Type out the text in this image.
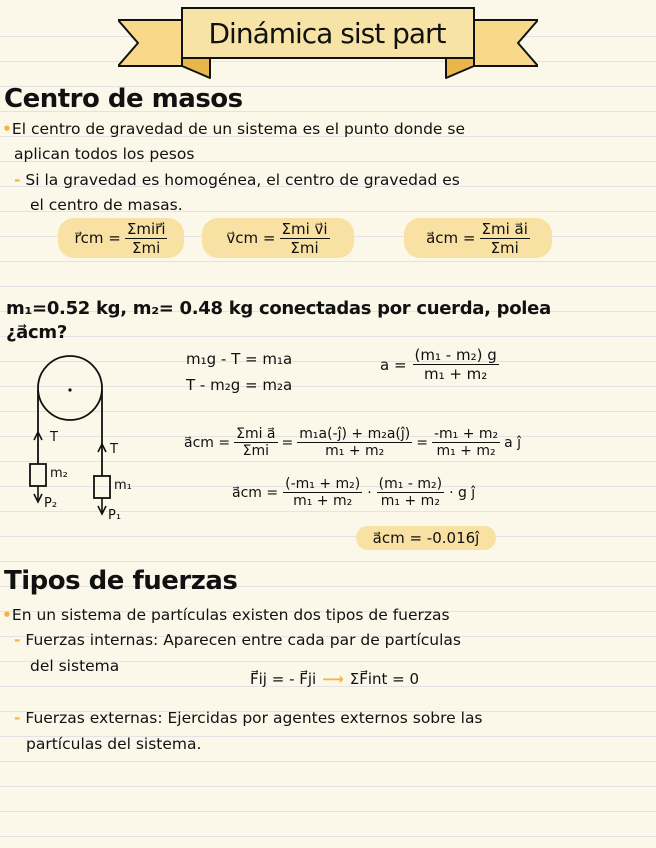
Dinámica sist part
Centro de masos
•El centro de gravedad de un sistema es el punto donde se
aplican todos los pesos
- Si la gravedad es homogénea, el centro de gravedad es
el centro de masas.
r⃗cm = $\frac{\text{Σmir⃗i}}{\text{Σmi}}$	v⃗cm = $\frac{\text{Σmi v⃗i}}{\text{Σmi}}$	a⃗cm = $\frac{\text{Σmi a⃗i}}{\text{Σmi}}$
m₁=0.52 kg, m₂= 0.48 kg conectadas por cuerda, polea
¿a⃗cm?
T
T
m₂
m₁
P₂
P₁
m₁g - T = m₁a
T - m₂g = m₂a
$a = \frac{\text{(m₁ - m₂) g}}{\text{m₁ + m₂}}$
a⃗cm = $\frac{\text{Σmi a⃗}}{\text{Σmi}} = \frac{\text{m₁a(-ĵ) + m₂a(ĵ)}}{\text{m₁ + m₂}} = \frac{\text{-m₁ + m₂}}{\text{m₁ + m₂}}$ a ĵ
a⃗cm = $\frac{\text{(-m₁ + m₂)}}{\text{m₁ + m₂}} \cdot \frac{\text{(m₁ - m₂)}}{\text{m₁ + m₂}} \cdot g$ ĵ
a⃗cm = -0.016ĵ
Tipos de fuerzas
•En un sistema de partículas existen dos tipos de fuerzas
- Fuerzas internas: Aparecen entre cada par de partículas
del sistema
F⃗ij = - F⃗ji ⟶ ΣF⃗int = 0
- Fuerzas externas: Ejercidas por agentes externos sobre las
partículas del sistema.
